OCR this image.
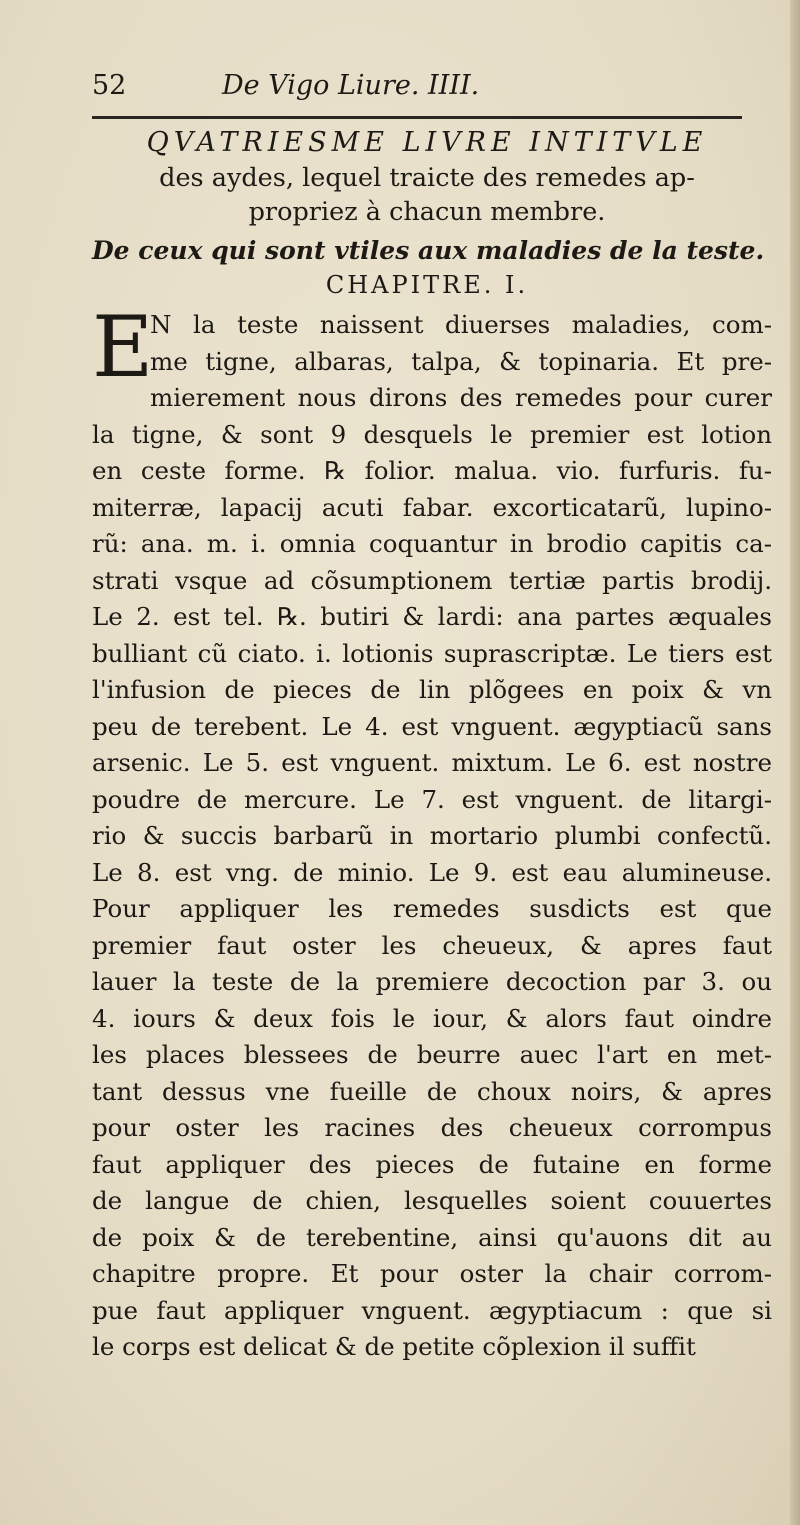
52	De Vigo Liure. IIII.
QVATRIESME LIVRE INTITVLE
des aydes, lequel traicte des remedes ap-
propriez à chacun membre.
De ceux qui sont vtiles aux maladies de la teste.
CHAPITRE. I.
E
N la teste naissent diuerses maladies, com-
me tigne, albaras, talpa, & topinaria. Et pre-
mierement nous dirons des remedes pour curer
la tigne, & sont 9 desquels le premier est lotion
en ceste forme. ℞ folior. malua. vio. furfuris. fu-
miterræ, lapacij acuti fabar. excorticatarũ, lupino-
rũ: ana. m. i. omnia coquantur in brodio capitis ca-
strati vsque ad cõsumptionem tertiæ partis brodij.
Le 2. est tel. ℞. butiri & lardi: ana partes æquales
bulliant cũ ciato. i. lotionis suprascriptæ. Le tiers est
l'infusion de pieces de lin plõgees en poix & vn
peu de terebent. Le 4. est vnguent. ægyptiacũ sans
arsenic. Le 5. est vnguent. mixtum. Le 6. est nostre
poudre de mercure. Le 7. est vnguent. de litargi-
rio & succis barbarũ in mortario plumbi confectũ.
Le 8. est vng. de minio. Le 9. est eau alumineuse.
Pour appliquer les remedes susdicts est que
premier faut oster les cheueux, & apres faut
lauer la teste de la premiere decoction par 3. ou
4. iours & deux fois le iour, & alors faut oindre
les places blessees de beurre auec l'art en met-
tant dessus vne fueille de choux noirs, & apres
pour oster les racines des cheueux corrompus
faut appliquer des pieces de futaine en forme
de langue de chien, lesquelles soient couuertes
de poix & de terebentine, ainsi qu'auons dit au
chapitre propre. Et pour oster la chair corrom-
pue faut appliquer vnguent. ægyptiacum : que si
le corps est delicat & de petite cõplexion il suffit
